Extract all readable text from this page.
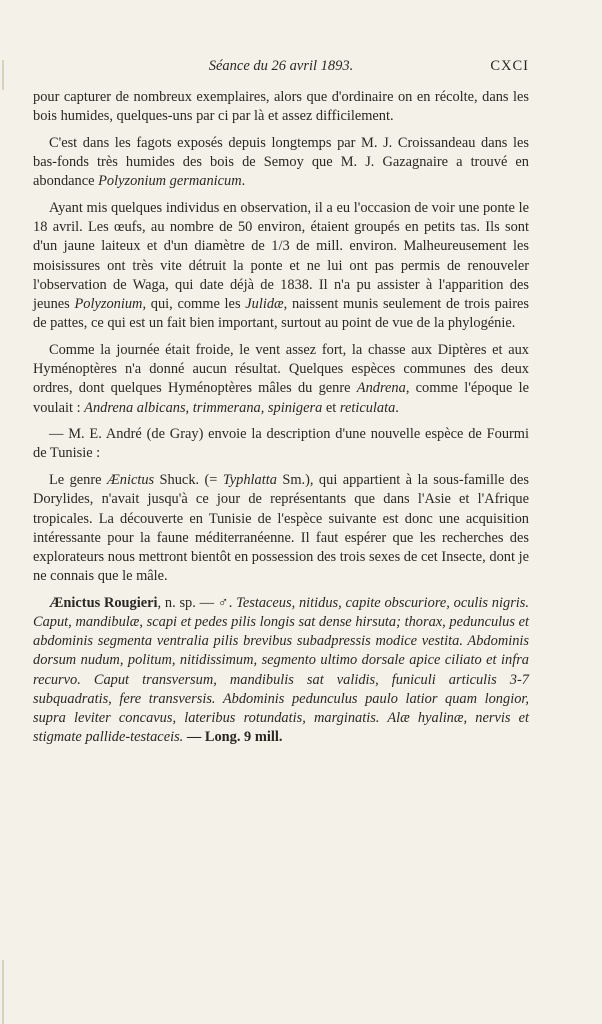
Séance du 26 avril 1893.	CXCI

pour capturer de nombreux exemplaires, alors que d'ordinaire on en récolte, dans les bois humides, quelques-uns par ci par là et assez difficilement.

C'est dans les fagots exposés depuis longtemps par M. J. Croissandeau dans les bas-fonds très humides des bois de Semoy que M. J. Gazagnaire a trouvé en abondance Polyzonium germanicum.

Ayant mis quelques individus en observation, il a eu l'occasion de voir une ponte le 18 avril. Les œufs, au nombre de 50 environ, étaient groupés en petits tas. Ils sont d'un jaune laiteux et d'un diamètre de 1/3 de mill. environ. Malheureusement les moisissures ont très vite détruit la ponte et ne lui ont pas permis de renouveler l'observation de Waga, qui date déjà de 1838. Il n'a pu assister à l'apparition des jeunes Polyzonium, qui, comme les Julidæ, naissent munis seulement de trois paires de pattes, ce qui est un fait bien important, surtout au point de vue de la phylogénie.

Comme la journée était froide, le vent assez fort, la chasse aux Diptères et aux Hyménoptères n'a donné aucun résultat. Quelques espèces communes des deux ordres, dont quelques Hyménoptères mâles du genre Andrena, comme l'époque le voulait : Andrena albicans, trimmerana, spinigera et reticulata.

— M. E. André (de Gray) envoie la description d'une nouvelle espèce de Fourmi de Tunisie :

Le genre Ænictus Shuck. (= Typhlatta Sm.), qui appartient à la sous-famille des Dorylides, n'avait jusqu'à ce jour de représentants que dans l'Asie et l'Afrique tropicales. La découverte en Tunisie de l'espèce suivante est donc une acquisition intéressante pour la faune méditerranéenne. Il faut espérer que les recherches des explorateurs nous mettront bientôt en possession des trois sexes de cet Insecte, dont je ne connais que le mâle.

Ænictus Rougieri, n. sp. — ♂. Testaceus, nitidus, capite obscuriore, oculis nigris. Caput, mandibulæ, scapi et pedes pilis longis sat dense hirsuta; thorax, pedunculus et abdominis segmenta ventralia pilis brevibus subadpressis modice vestita. Abdominis dorsum nudum, politum, nitidissimum, segmento ultimo dorsale apice ciliato et infra recurvo. Caput transversum, mandibulis sat validis, funiculi articulis 3-7 subquadratis, fere transversis. Abdominis pedunculus paulo latior quam longior, supra leviter concavus, lateribus rotundatis, marginatis. Alæ hyalinæ, nervis et stigmate pallide-testaceis. — Long. 9 mill.
